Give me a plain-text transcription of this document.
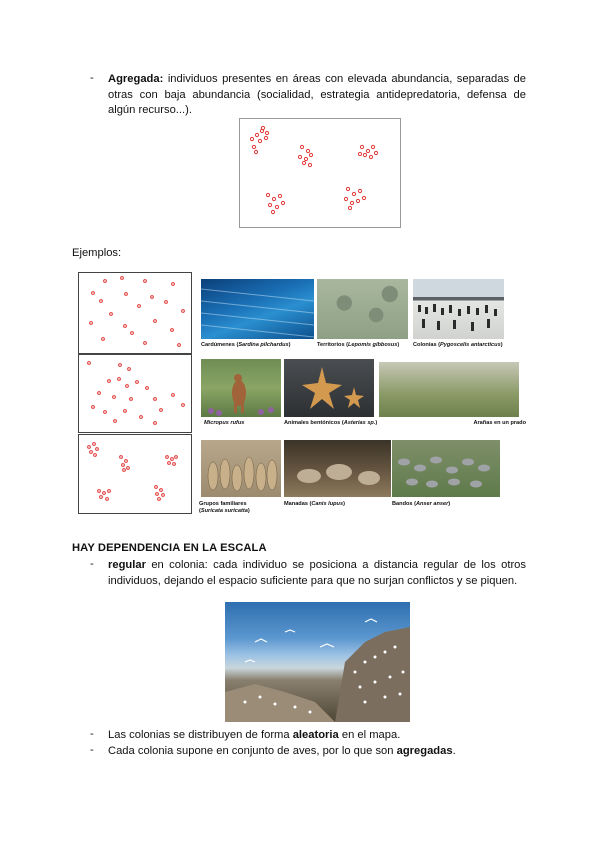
-	Agregada: individuos presentes en áreas con elevada abundancia, separadas de otras con baja abundancia (socialidad, estrategia antidepredatoria, defensa de algún recurso...).
Ejemplos:
Cardúmenes (Sardina pilchardus)	Territorios (Lepomis gibbosus)	Colonias (Pygoscelis antarcticus)
Micropus rufus	Animales bentónicos (Asterias sp.)	Arañas en un prado
Grupos familiares
(Suricata suricatta)
Manadas (Canis lupus)	Bandos (Anser anser)
HAY DEPENDENCIA EN LA ESCALA
-	regular en colonia: cada individuo se posiciona a distancia regular de los otros individuos, dejando el espacio suficiente para que no surjan conflictos y se piquen.
-	Las colonias se distribuyen de forma aleatoria en el mapa.
-	Cada colonia supone en conjunto de aves, por lo que son agregadas.
